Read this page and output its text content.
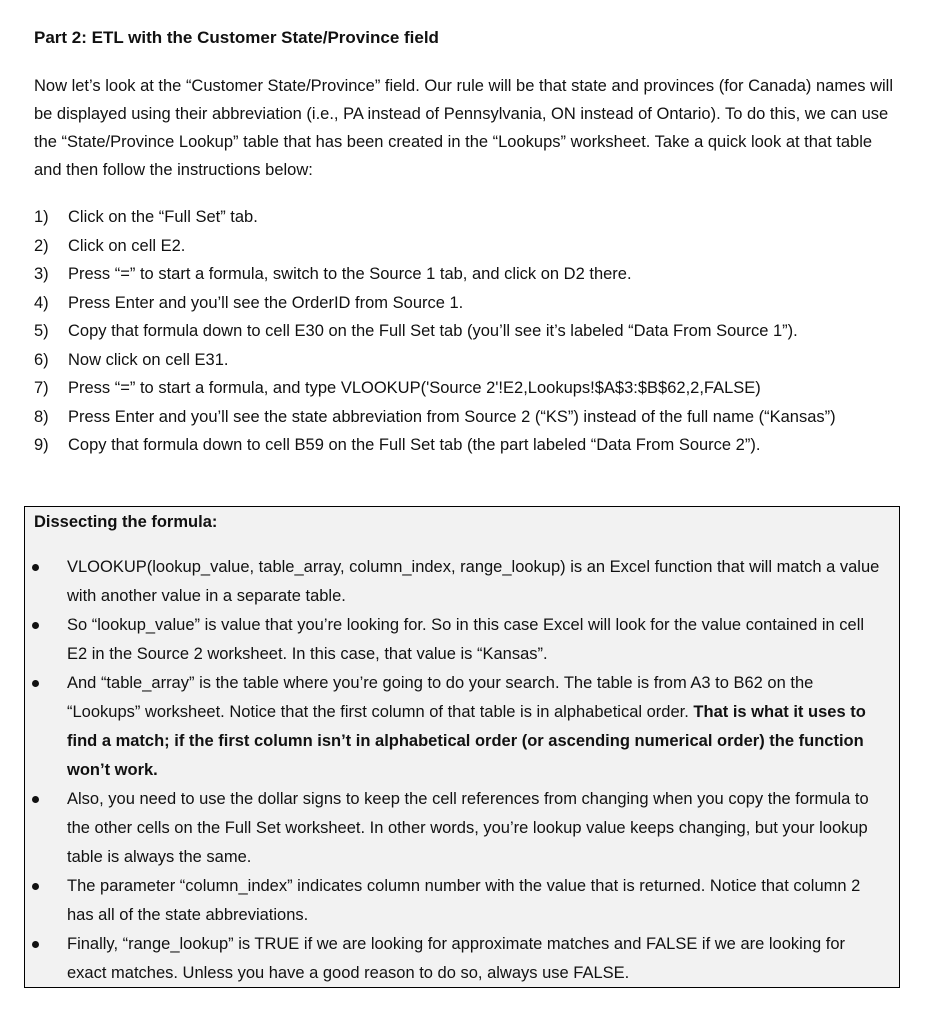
Part 2: ETL with the Customer State/Province field
Now let’s look at the “Customer State/Province” field. Our rule will be that state and provinces (for Canada) names will be displayed using their abbreviation (i.e., PA instead of Pennsylvania, ON instead of Ontario). To do this, we can use the “State/Province Lookup” table that has been created in the “Lookups” worksheet. Take a quick look at that table and then follow the instructions below:
1) Click on the “Full Set” tab.
2) Click on cell E2.
3) Press “=” to start a formula, switch to the Source 1 tab, and click on D2 there.
4) Press Enter and you’ll see the OrderID from Source 1.
5) Copy that formula down to cell E30 on the Full Set tab (you’ll see it’s labeled “Data From Source 1”).
6) Now click on cell E31.
7) Press “=” to start a formula, and type VLOOKUP('Source 2'!E2,Lookups!$A$3:$B$62,2,FALSE)
8) Press Enter and you’ll see the state abbreviation from Source 2 (“KS”) instead of the full name (“Kansas”)
9) Copy that formula down to cell B59 on the Full Set tab (the part labeled “Data From Source 2”).
Dissecting the formula:
VLOOKUP(lookup_value, table_array, column_index, range_lookup) is an Excel function that will match a value with another value in a separate table.
So “lookup_value” is value that you’re looking for. So in this case Excel will look for the value contained in cell E2 in the Source 2 worksheet. In this case, that value is “Kansas”.
And “table_array” is the table where you’re going to do your search. The table is from A3 to B62 on the “Lookups” worksheet. Notice that the first column of that table is in alphabetical order. That is what it uses to find a match; if the first column isn’t in alphabetical order (or ascending numerical order) the function won’t work.
Also, you need to use the dollar signs to keep the cell references from changing when you copy the formula to the other cells on the Full Set worksheet. In other words, you’re lookup value keeps changing, but your lookup table is always the same.
The parameter “column_index” indicates column number with the value that is returned. Notice that column 2 has all of the state abbreviations.
Finally, “range_lookup” is TRUE if we are looking for approximate matches and FALSE if we are looking for exact matches. Unless you have a good reason to do so, always use FALSE.
